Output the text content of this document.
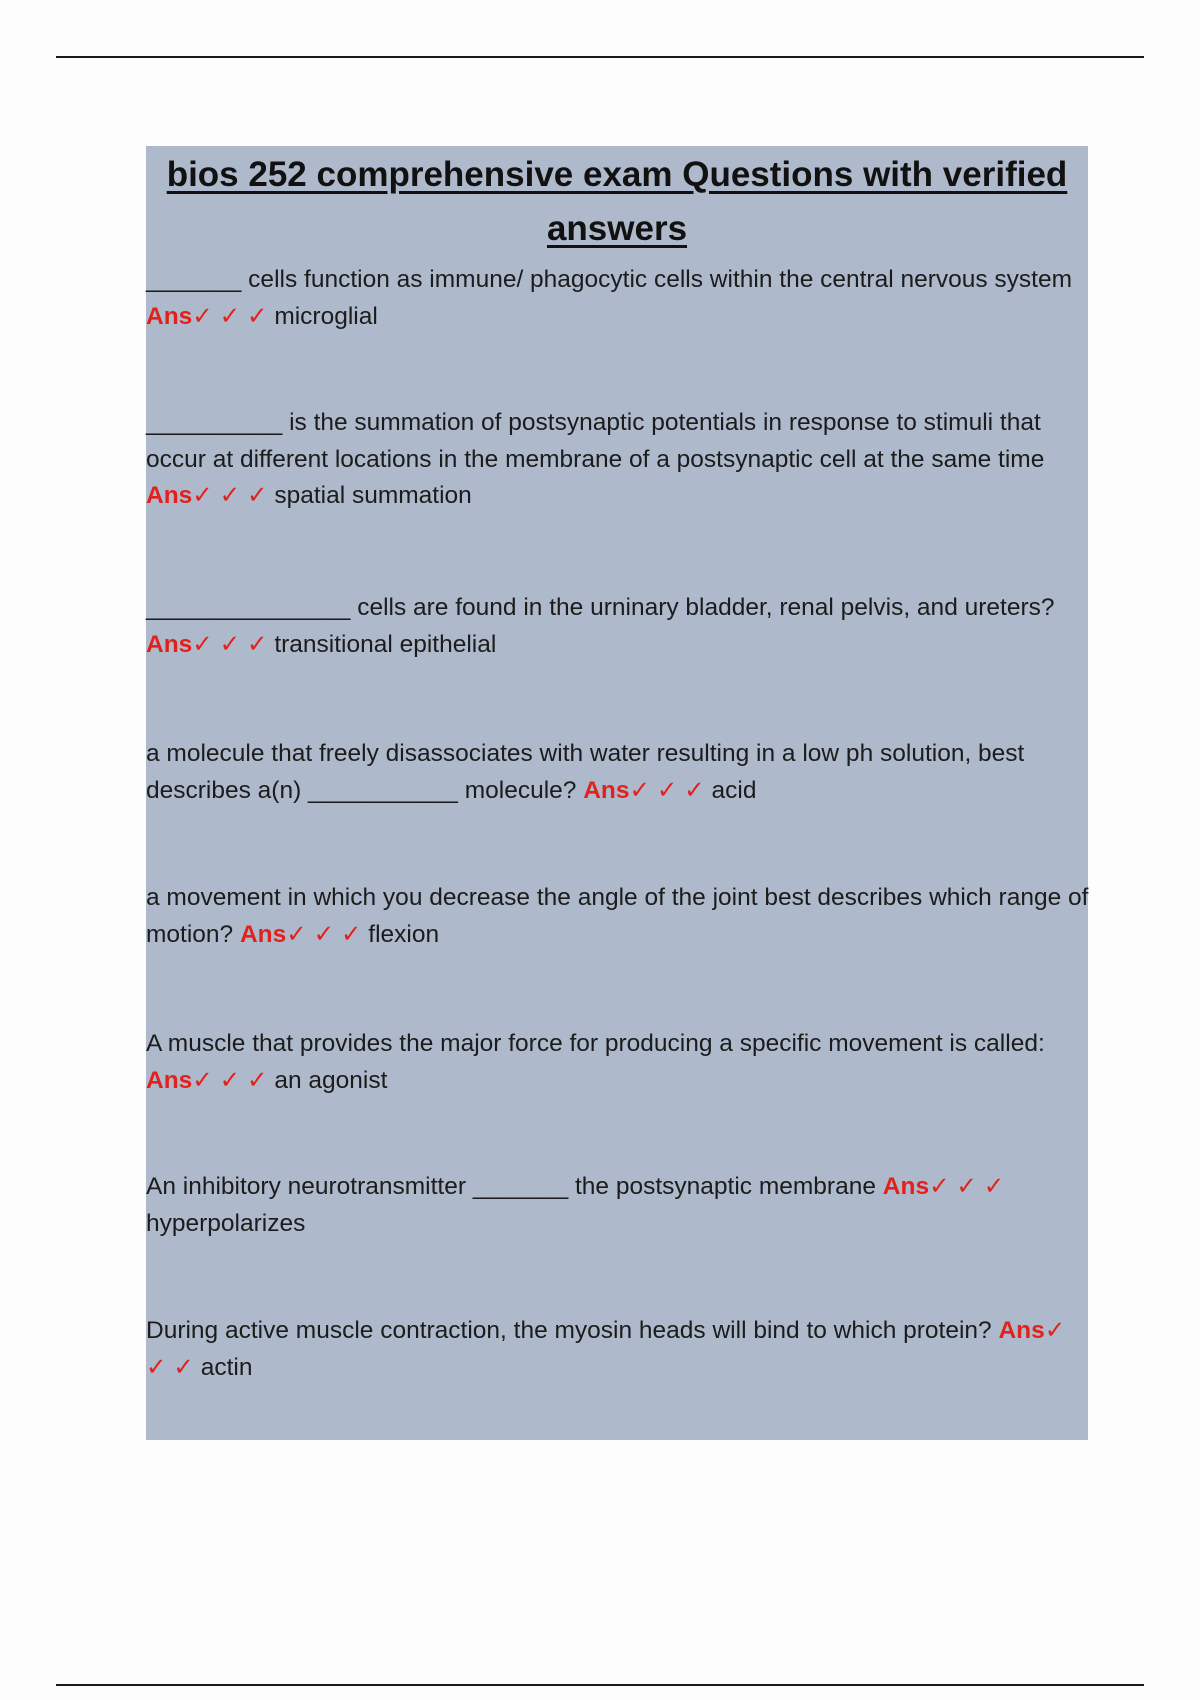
bios 252 comprehensive exam Questions with verified answers
_______ cells function as immune/ phagocytic cells within the central nervous system Ans✓ ✓ ✓ microglial
__________ is the summation of postsynaptic potentials in response to stimuli that occur at different locations in the membrane of a postsynaptic cell at the same time Ans✓ ✓ ✓ spatial summation
_______________ cells are found in the urninary bladder, renal pelvis, and ureters? Ans✓ ✓ ✓ transitional epithelial
a molecule that freely disassociates with water resulting in a low ph solution, best describes a(n) ___________ molecule? Ans✓ ✓ ✓ acid
a movement in which you decrease the angle of the joint best describes which range of motion? Ans✓ ✓ ✓ flexion
A muscle that provides the major force for producing a specific movement is called: Ans✓ ✓ ✓ an agonist
An inhibitory neurotransmitter _______ the postsynaptic membrane Ans✓ ✓ ✓ hyperpolarizes
During active muscle contraction, the myosin heads will bind to which protein? Ans✓ ✓ ✓ actin
